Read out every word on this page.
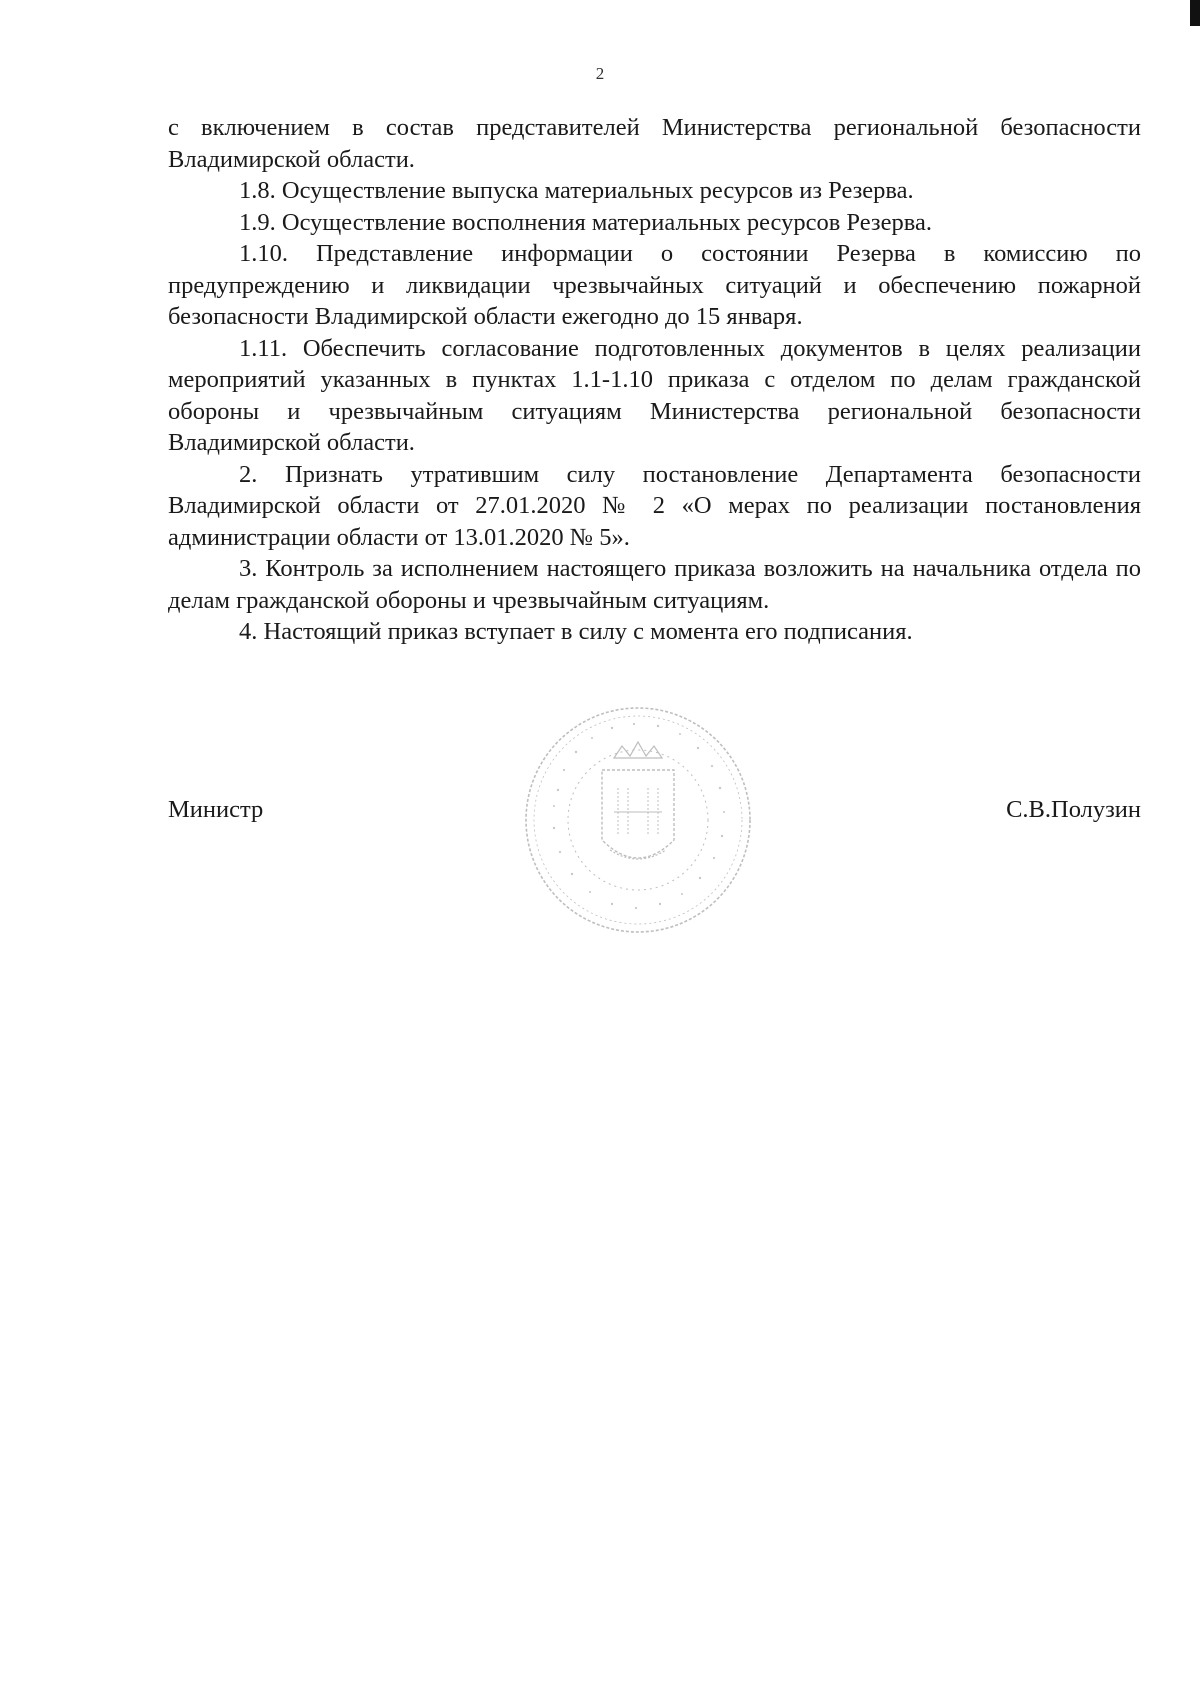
2

с включением в состав представителей Министерства региональной безопасности Владимирской области.

1.8. Осуществление выпуска материальных ресурсов из Резерва.

1.9. Осуществление восполнения материальных ресурсов Резерва.

1.10. Представление информации о состоянии Резерва в комиссию по предупреждению и ликвидации чрезвычайных ситуаций и обеспечению пожарной безопасности Владимирской области ежегодно до 15 января.

1.11. Обеспечить согласование подготовленных документов в целях реализации мероприятий указанных в пунктах 1.1-1.10 приказа с отделом по делам гражданской обороны и чрезвычайным ситуациям Министерства региональной безопасности Владимирской области.

2. Признать утратившим силу постановление Департамента безопасности Владимирской области от 27.01.2020 № 2 «О мерах по реализации постановления администрации области от 13.01.2020 № 5».

3. Контроль за исполнением настоящего приказа возложить на начальника отдела по делам гражданской обороны и чрезвычайным ситуациям.

4. Настоящий приказ вступает в силу с момента его подписания.

Министр	С.В.Полузин
